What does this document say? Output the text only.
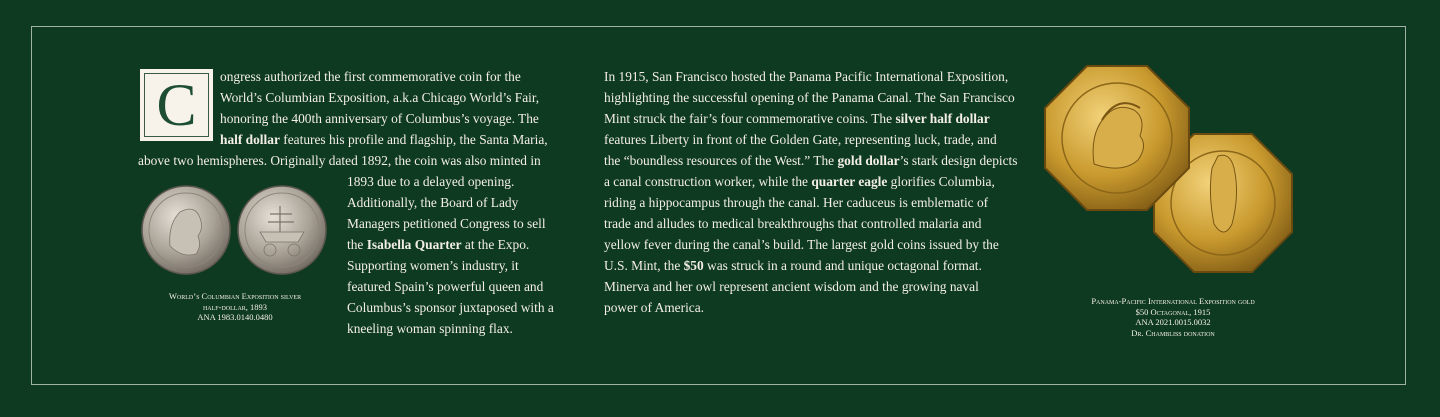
C	ongress authorized the first commemorative coin for the

World’s Columbian Exposition, a.k.a Chicago World’s Fair,

honoring the 400th anniversary of Columbus’s voyage. The

half dollar features his profile and flagship, the Santa Maria,

above two hemispheres. Originally dated 1892, the coin was also minted in

1893 due to a delayed opening.

Additionally, the Board of Lady

Managers petitioned Congress to sell

the Isabella Quarter at the Expo.

Supporting women’s industry, it

featured Spain’s powerful queen and

Columbus’s sponsor juxtaposed with a

kneeling woman spinning flax.

World’s Columbian Exposition silver

half-dollar, 1893

ANA 1983.0140.0480

In 1915, San Francisco hosted the Panama Pacific International Exposition,

highlighting the successful opening of the Panama Canal. The San Francisco

Mint struck the fair’s four commemorative coins. The silver half dollar

features Liberty in front of the Golden Gate, representing luck, trade, and

the “boundless resources of the West.” The gold dollar’s stark design depicts

a canal construction worker, while the quarter eagle glorifies Columbia,

riding a hippocampus through the canal. Her caduceus is emblematic of

trade and alludes to medical breakthroughs that controlled malaria and

yellow fever during the canal’s build. The largest gold coins issued by the

U.S. Mint, the $50 was struck in a round and unique octagonal format.

Minerva and her owl represent ancient wisdom and the growing naval

power of America.	Panama-Pacific International Exposition gold

$50 Octagonal, 1915

ANA 2021.0015.0032

Dr. Chambliss donation
